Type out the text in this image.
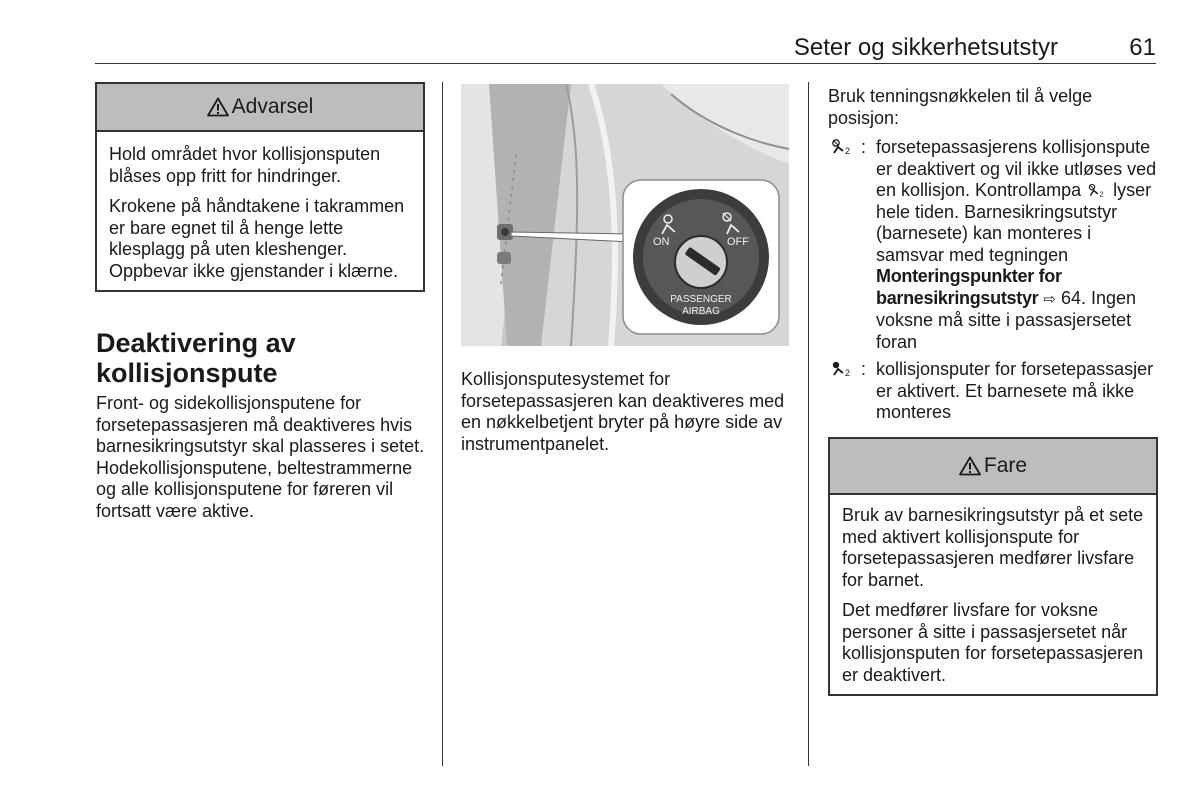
Seter og sikkerhetsutstyr	61
Advarsel

Hold området hvor kollisjonsputen blåses opp fritt for hindringer.

Krokene på håndtakene i takrammen er bare egnet til å henge lette klesplagg på uten kleshenger. Oppbevar ikke gjenstander i klærne.

Deaktivering av kollisjonspute

Front- og sidekollisjonsputene for forsetepassasjeren må deaktiveres hvis barnesikringsutstyr skal plasseres i setet. Hodekollisjonsputene, beltestrammerne og alle kollisjonsputene for føreren vil fortsatt være aktive.

ON	OFF
PASSENGER
AIRBAG

Kollisjonsputesystemet for forsetepassasjeren kan deaktiveres med en nøkkelbetjent bryter på høyre side av instrumentpanelet.

Bruk tenningsnøkkelen til å velge posisjon:

2 : forsetepassasjerens kollisjonspute er deaktivert og vil ikke utløses ved en kollisjon. Kontrollampa 2 lyser hele tiden. Barnesikringsutstyr (barnesete) kan monteres i samsvar med tegningen Monteringspunkter for barnesikringsutstyr ⇨ 64. Ingen voksne må sitte i passasjersetet foran
2 : kollisjonsputer for forsetepassasjer er aktivert. Et barnesete må ikke monteres
Fare

Bruk av barnesikringsutstyr på et sete med aktivert kollisjonspute for forsetepassasjeren medfører livsfare for barnet.

Det medfører livsfare for voksne personer å sitte i passasjersetet når kollisjonsputen for forsetepassasjeren er deaktivert.
